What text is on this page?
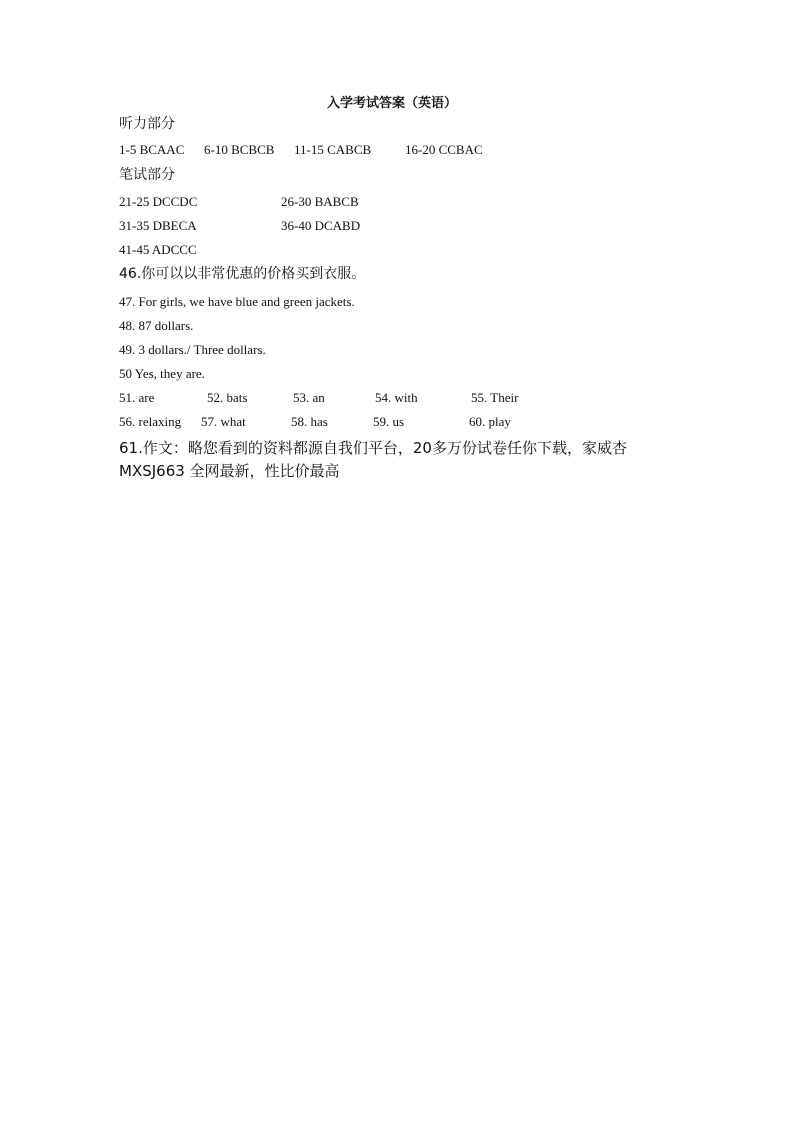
入学考试答案（英语）
听力部分
1-5 BCAAC 6-10 BCBCB 11-15 CABCB	16-20 CCBAC
笔试部分
21-25 DCCDC	26-30 BABCB
31-35 DBECA	36-40 DCABD
41-45 ADCCC
46.你可以以非常优惠的价格买到衣服。
47. For girls, we have blue and green jackets.
48. 87 dollars.
49. 3 dollars./ Three dollars.
50 Yes, they are.
51. are	52. bats	53. an	54. with	55. Their
56. relaxing 57. what	58. has	59. us	60. play
61.作文：略您看到的资料都源自我们平台，20多万份试卷任你下载，家威杏
MXSJ663 全网最新，性比价最高
